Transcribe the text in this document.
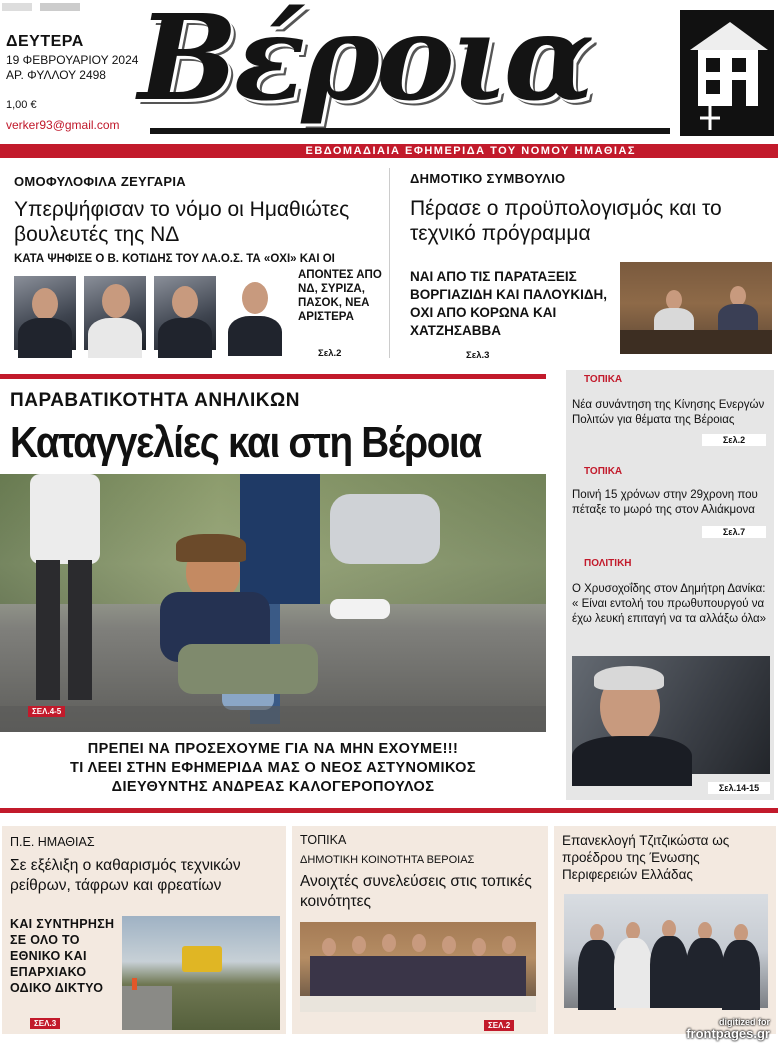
ΔΕΥΤΕΡΑ
19 ΦΕΒΡΟΥΑΡΙΟΥ 2024
ΑΡ. ΦΥΛΛΟΥ 2498
1,00 €
verker93@gmail.com Βέροια
ΕΒΔΟΜΑΔΙΑΙΑ ΕΦΗΜΕΡΙΔΑ ΤΟΥ ΝΟΜΟΥ ΗΜΑΘΙΑΣ
ΟΜΟΦΥΛΟΦΙΛΑ ΖΕΥΓΑΡΙΑ
Υπερψήφισαν το νόμο οι Ημαθιώτες βουλευτές της ΝΔ
ΚΑΤΑ ΨΗΦΙΣΕ Ο Β. ΚΟΤΙΔΗΣ ΤΟΥ ΛΑ.Ο.Σ. ΤΑ «ΟΧΙ» ΚΑΙ ΟΙ
ΑΠΟΝΤΕΣ ΑΠΟ ΝΔ, ΣΥΡΙΖΑ, ΠΑΣΟΚ, ΝΕΑ ΑΡΙΣΤΕΡΑ
Σελ.2
ΔΗΜΟΤΙΚΟ ΣΥΜΒΟΥΛΙΟ
Πέρασε ο προϋπολογισμός και το τεχνικό πρόγραμμα
ΝΑΙ ΑΠΟ ΤΙΣ ΠΑΡΑΤΑΞΕΙΣ ΒΟΡΓΙΑΖΙΔΗ ΚΑΙ ΠΑΛΟΥΚΙΔΗ, ΟΧΙ ΑΠΟ ΚΟΡΩΝΑ ΚΑΙ ΧΑΤΖΗΣΑΒΒΑ
Σελ.3
ΠΑΡΑΒΑΤΙΚΟΤΗΤΑ ΑΝΗΛΙΚΩΝ
Καταγγελίες και στη Βέροια
ΣΕΛ.4-5
ΠΡΕΠΕΙ ΝΑ ΠΡΟΣΕΧΟΥΜΕ ΓΙΑ ΝΑ ΜΗΝ ΕΧΟΥΜΕ!!!
ΤΙ ΛΕΕΙ ΣΤΗΝ ΕΦΗΜΕΡΙΔΑ ΜΑΣ Ο ΝΕΟΣ ΑΣΤΥΝΟΜΙΚΟΣ
ΔΙΕΥΘΥΝΤΗΣ ΑΝΔΡΕΑΣ ΚΑΛΟΓΕΡΟΠΟΥΛΟΣ
ΤΟΠΙΚΑ
Νέα συνάντηση της Κίνησης Ενεργών Πολιτών για θέματα της Βέροιας
Σελ.2
ΤΟΠΙΚΑ
Ποινή 15 χρόνων στην 29χρονη που πέταξε το μωρό της στον Αλιάκμονα
Σελ.7
ΠΟΛΙΤΙΚΗ
Ο Χρυσοχοΐδης στον Δημήτρη Δανίκα: « Είναι εντολή του πρωθυπουργού να έχω λευκή επιταγή να τα αλλάξω όλα»
Σελ.14-15
Π.Ε. ΗΜΑΘΙΑΣ
Σε εξέλιξη ο καθαρισμός τεχνικών ρείθρων, τάφρων και φρεατίων
ΚΑΙ ΣΥΝΤΗΡΗΣΗ ΣΕ ΟΛΟ ΤΟ ΕΘΝΙΚΟ ΚΑΙ ΕΠΑΡΧΙΑΚΟ ΟΔΙΚΟ ΔΙΚΤΥΟ
ΣΕΛ.3
ΤΟΠΙΚΑ
ΔΗΜΟΤΙΚΗ ΚΟΙΝΟΤΗΤΑ ΒΕΡΟΙΑΣ
Ανοιχτές συνελεύσεις στις τοπικές κοινότητες
ΣΕΛ.2
Επανεκλογή Τζιτζικώστα ως προέδρου της Ένωσης Περιφερειών Ελλάδας
digitized for
frontpages.gr
